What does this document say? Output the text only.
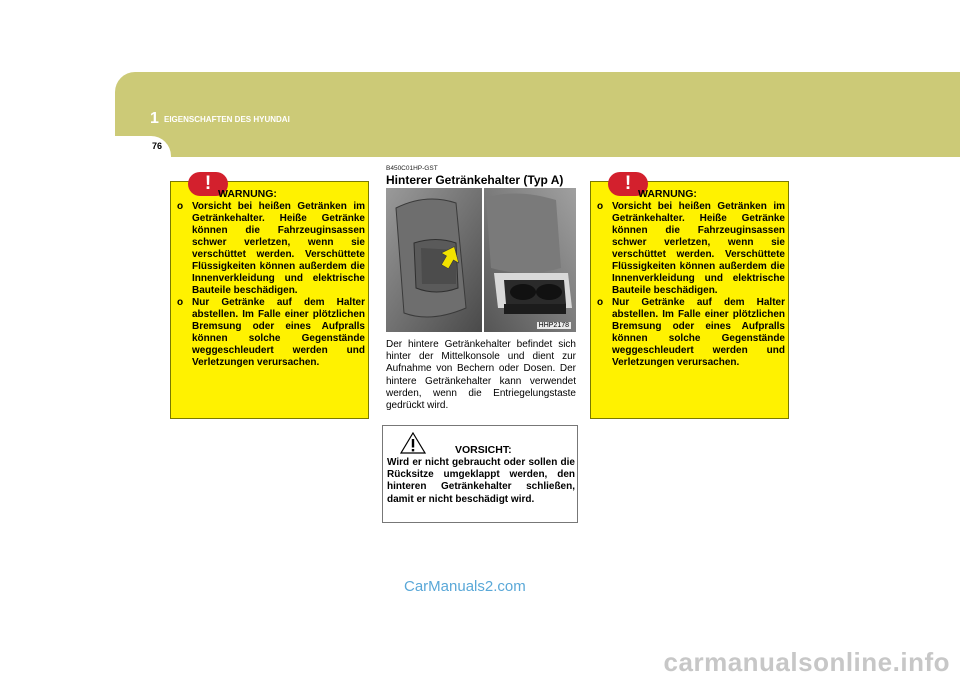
1 EIGENSCHAFTEN DES HYUNDAI
76
! WARNUNG:
o Vorsicht bei heißen Getränken im Getränkehalter. Heiße Getränke können die Fahrzeuginsassen schwer verletzen, wenn sie verschüttet werden. Verschüttete Flüssigkeiten können außerdem die Innenverkleidung und elektrische Bauteile beschädigen.
o Nur Getränke auf dem Halter abstellen. Im Falle einer plötzlichen Bremsung oder eines Aufpralls können solche Gegenstände weggeschleudert werden und Verletzungen verursachen.
B450C01HP-GST
Hinterer Getränkehalter (Typ A)
HHP2178
Der hintere Getränkehalter befindet sich hinter der Mittelkonsole und dient zur Aufnahme von Bechern oder Dosen. Der hintere Getränkehalter kann verwendet werden, wenn die Entriegelungstaste gedrückt wird.
VORSICHT:
Wird er nicht gebraucht oder sollen die Rücksitze umgeklappt werden, den hinteren Getränkehalter schließen, damit er nicht beschädigt wird.
! WARNUNG:
o Vorsicht bei heißen Getränken im Getränkehalter. Heiße Getränke können die Fahrzeuginsassen schwer verletzen, wenn sie verschüttet werden. Verschüttete Flüssigkeiten können außerdem die Innenverkleidung und elektrische Bauteile beschädigen.
o Nur Getränke auf dem Halter abstellen. Im Falle einer plötzlichen Bremsung oder eines Aufpralls können solche Gegenstände weggeschleudert werden und Verletzungen verursachen.
CarManuals2.com
carmanualsonline.info
